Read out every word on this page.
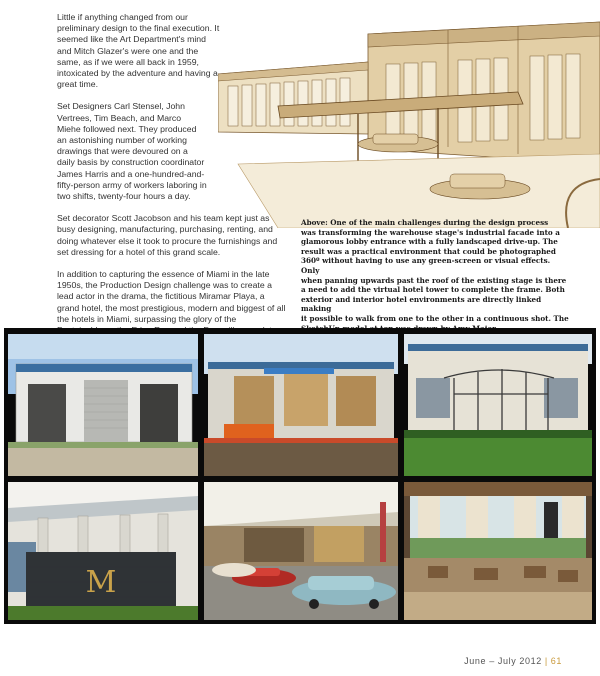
Little if anything changed from our preliminary design to the final execution. It seemed like the Art Department's mind and Mitch Glazer's were one and the same, as if we were all back in 1959, intoxicated by the adventure and having a great time.

Set Designers Carl Stensel, John Vertrees, Tim Beach, and Marco Miehe followed next. They produced an astonishing number of working drawings that were devoured on a daily basis by construction coordinator James Harris and a one-hundred-and-fifty-person army of workers laboring in two shifts, twenty-four hours a day.

Set decorator Scott Jacobson and his team kept just as busy designing, manufacturing, purchasing, renting, and doing whatever else it took to procure the furnishings and set dressing for a hotel of this grand scale.

In addition to capturing the essence of Miami in the late 1950s, the Production Design challenge was to create a lead actor in the drama, the fictitious Miramar Playa, a grand hotel, the most prestigious, modern and biggest of all the hotels in Miami, surpassing the glory of the

Above: One of the main challenges during the design process
was transforming the warehouse stage's industrial facade into a
glamorous lobby entrance with a fully landscaped drive-up. The
result was a practical environment that could be photographed
360º without having to use any green-screen or visual effects. Only
when panning upwards past the roof of the existing stage is there
a need to add the virtual hotel tower to complete the frame. Both
exterior and interior hotel environments are directly linked making
it possible to walk from one to the other in a continuous shot. The
M
June – July 2012 | 61
